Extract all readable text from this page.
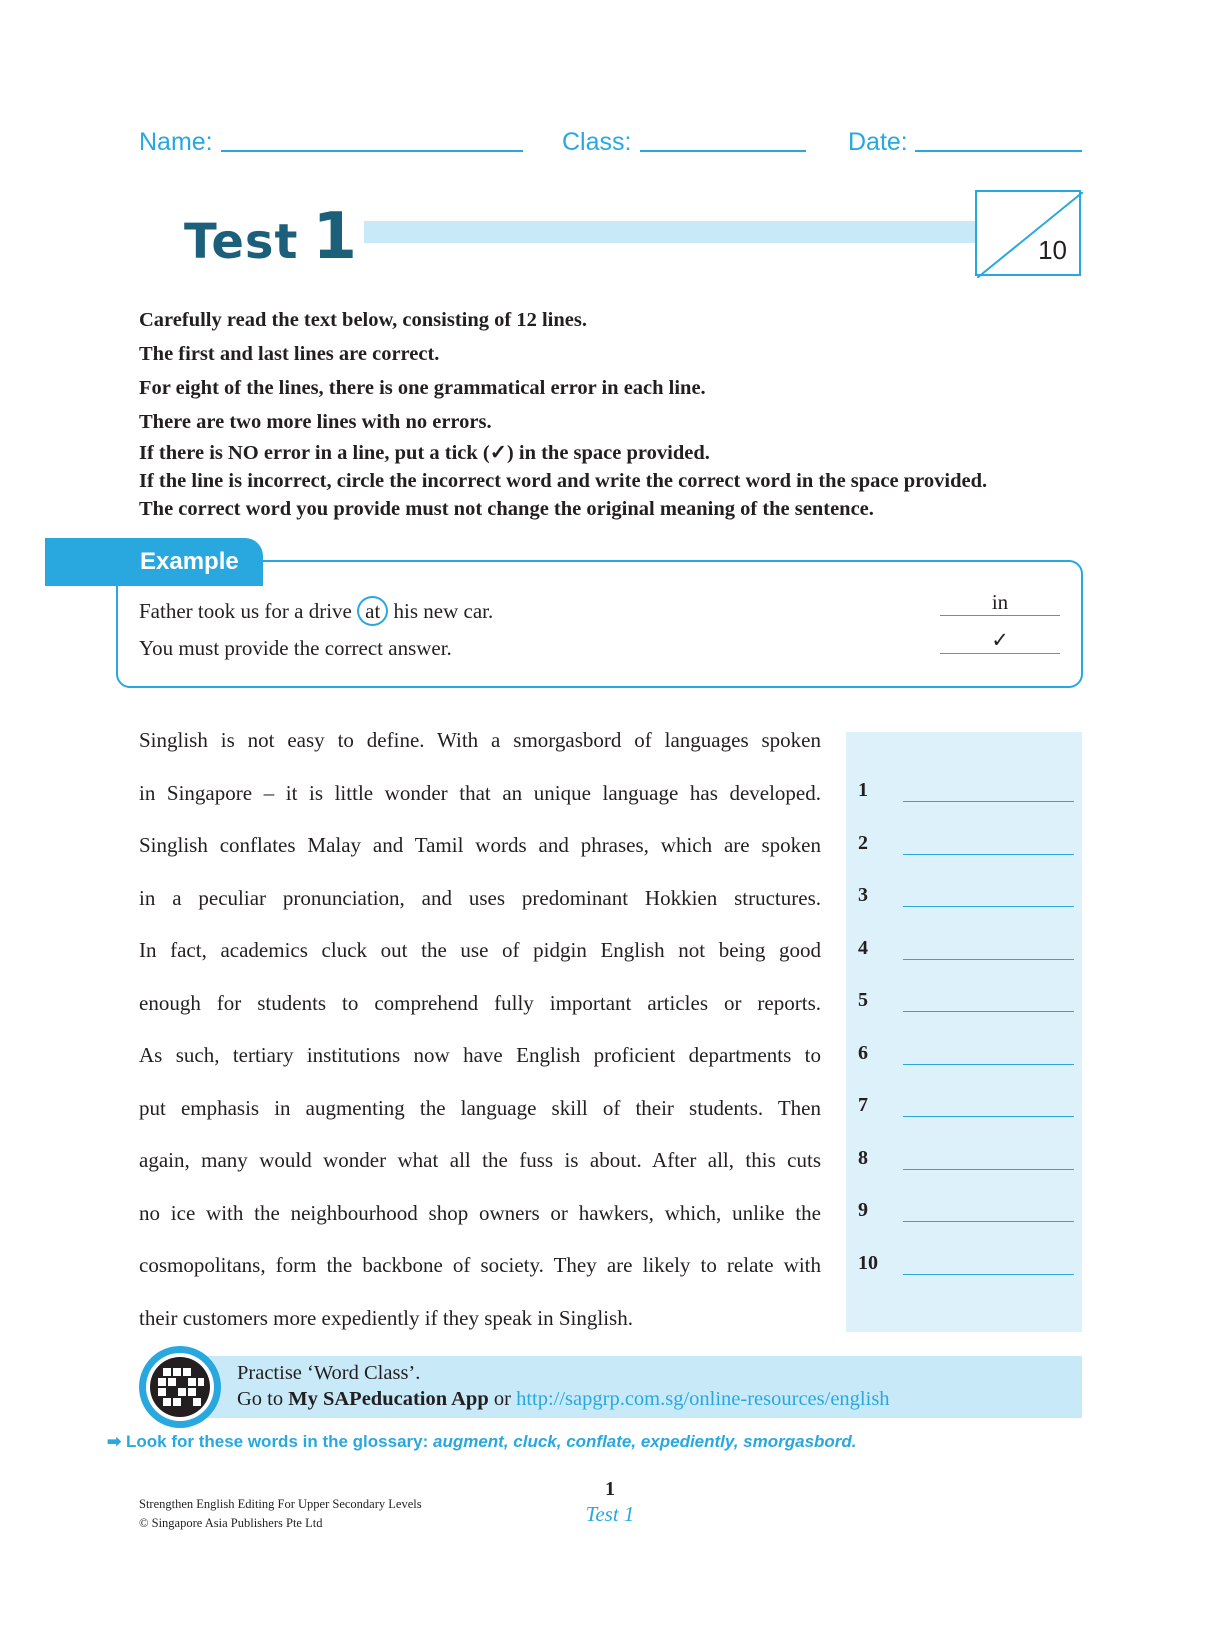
Name:	Class:	Date:
Test 1	10
Carefully read the text below, consisting of 12 lines.
The first and last lines are correct.
For eight of the lines, there is one grammatical error in each line.
There are two more lines with no errors.
If there is NO error in a line, put a tick (✓) in the space provided.
If the line is incorrect, circle the incorrect word and write the correct word in the space provided.
The correct word you provide must not change the original meaning of the sentence.
Example
Father took us for a drive at his new car.	in
You must provide the correct answer.	✓
1
2
3
4
5
6
7
8
9
10
Singlish is not easy to define. With a smorgasbord of languages spoken
in Singapore – it is little wonder that an unique language has developed.
Singlish conflates Malay and Tamil words and phrases, which are spoken
in a peculiar pronunciation, and uses predominant Hokkien structures.
In fact, academics cluck out the use of pidgin English not being good
enough for students to comprehend fully important articles or reports.
As such, tertiary institutions now have English proficient departments to
put emphasis in augmenting the language skill of their students. Then
again, many would wonder what all the fuss is about. After all, this cuts
no ice with the neighbourhood shop owners or hawkers, which, unlike the
cosmopolitans, form the backbone of society. They are likely to relate with
their customers more expediently if they speak in Singlish.
Practise ‘Word Class’.
Go to My SAPeducation App or http://sapgrp.com.sg/online-resources/english
➡ Look for these words in the glossary: augment, cluck, conflate, expediently, smorgasbord.
Strengthen English Editing For Upper Secondary Levels
© Singapore Asia Publishers Pte Ltd
1
Test 1
